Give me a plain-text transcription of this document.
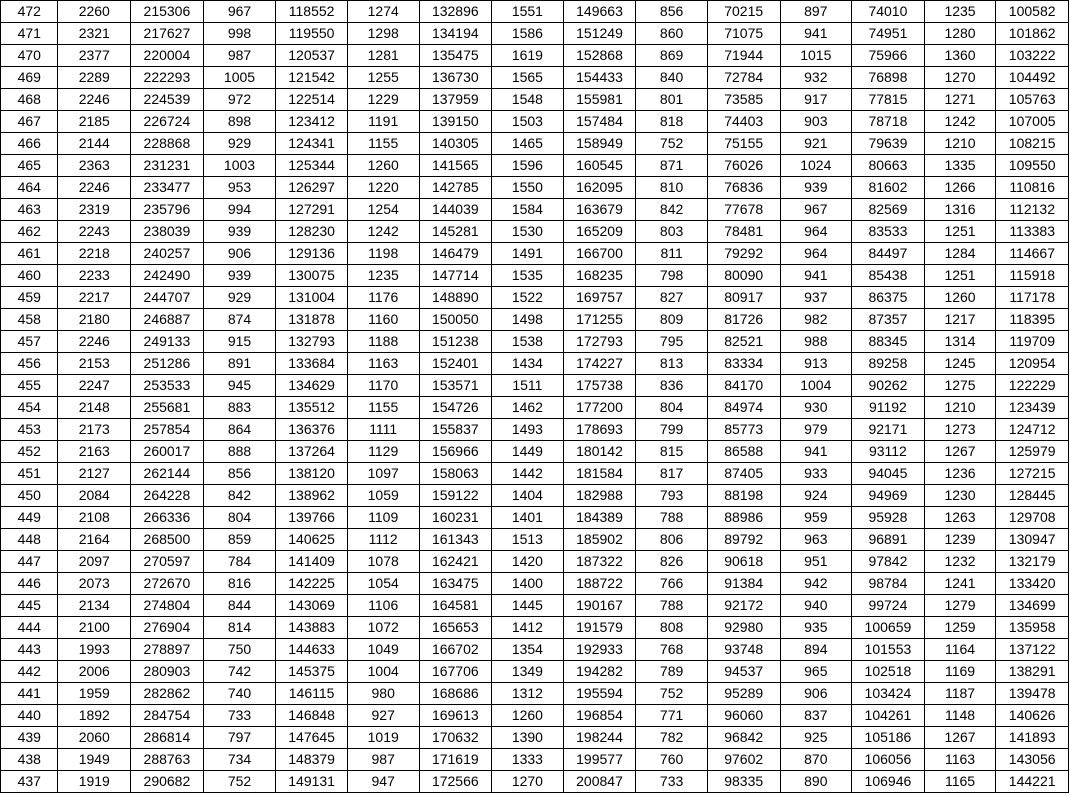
472	2260	215306	967	118552	1274	132896	1551	149663	856	70215	897	74010	1235	100582
471	2321	217627	998	119550	1298	134194	1586	151249	860	71075	941	74951	1280	101862
470	2377	220004	987	120537	1281	135475	1619	152868	869	71944	1015	75966	1360	103222
469	2289	222293	1005	121542	1255	136730	1565	154433	840	72784	932	76898	1270	104492
468	2246	224539	972	122514	1229	137959	1548	155981	801	73585	917	77815	1271	105763
467	2185	226724	898	123412	1191	139150	1503	157484	818	74403	903	78718	1242	107005
466	2144	228868	929	124341	1155	140305	1465	158949	752	75155	921	79639	1210	108215
465	2363	231231	1003	125344	1260	141565	1596	160545	871	76026	1024	80663	1335	109550
464	2246	233477	953	126297	1220	142785	1550	162095	810	76836	939	81602	1266	110816
463	2319	235796	994	127291	1254	144039	1584	163679	842	77678	967	82569	1316	112132
462	2243	238039	939	128230	1242	145281	1530	165209	803	78481	964	83533	1251	113383
461	2218	240257	906	129136	1198	146479	1491	166700	811	79292	964	84497	1284	114667
460	2233	242490	939	130075	1235	147714	1535	168235	798	80090	941	85438	1251	115918
459	2217	244707	929	131004	1176	148890	1522	169757	827	80917	937	86375	1260	117178
458	2180	246887	874	131878	1160	150050	1498	171255	809	81726	982	87357	1217	118395
457	2246	249133	915	132793	1188	151238	1538	172793	795	82521	988	88345	1314	119709
456	2153	251286	891	133684	1163	152401	1434	174227	813	83334	913	89258	1245	120954
455	2247	253533	945	134629	1170	153571	1511	175738	836	84170	1004	90262	1275	122229
454	2148	255681	883	135512	1155	154726	1462	177200	804	84974	930	91192	1210	123439
453	2173	257854	864	136376	1111	155837	1493	178693	799	85773	979	92171	1273	124712
452	2163	260017	888	137264	1129	156966	1449	180142	815	86588	941	93112	1267	125979
451	2127	262144	856	138120	1097	158063	1442	181584	817	87405	933	94045	1236	127215
450	2084	264228	842	138962	1059	159122	1404	182988	793	88198	924	94969	1230	128445
449	2108	266336	804	139766	1109	160231	1401	184389	788	88986	959	95928	1263	129708
448	2164	268500	859	140625	1112	161343	1513	185902	806	89792	963	96891	1239	130947
447	2097	270597	784	141409	1078	162421	1420	187322	826	90618	951	97842	1232	132179
446	2073	272670	816	142225	1054	163475	1400	188722	766	91384	942	98784	1241	133420
445	2134	274804	844	143069	1106	164581	1445	190167	788	92172	940	99724	1279	134699
444	2100	276904	814	143883	1072	165653	1412	191579	808	92980	935	100659	1259	135958
443	1993	278897	750	144633	1049	166702	1354	192933	768	93748	894	101553	1164	137122
442	2006	280903	742	145375	1004	167706	1349	194282	789	94537	965	102518	1169	138291
441	1959	282862	740	146115	980	168686	1312	195594	752	95289	906	103424	1187	139478
440	1892	284754	733	146848	927	169613	1260	196854	771	96060	837	104261	1148	140626
439	2060	286814	797	147645	1019	170632	1390	198244	782	96842	925	105186	1267	141893
438	1949	288763	734	148379	987	171619	1333	199577	760	97602	870	106056	1163	143056
437	1919	290682	752	149131	947	172566	1270	200847	733	98335	890	106946	1165	144221
